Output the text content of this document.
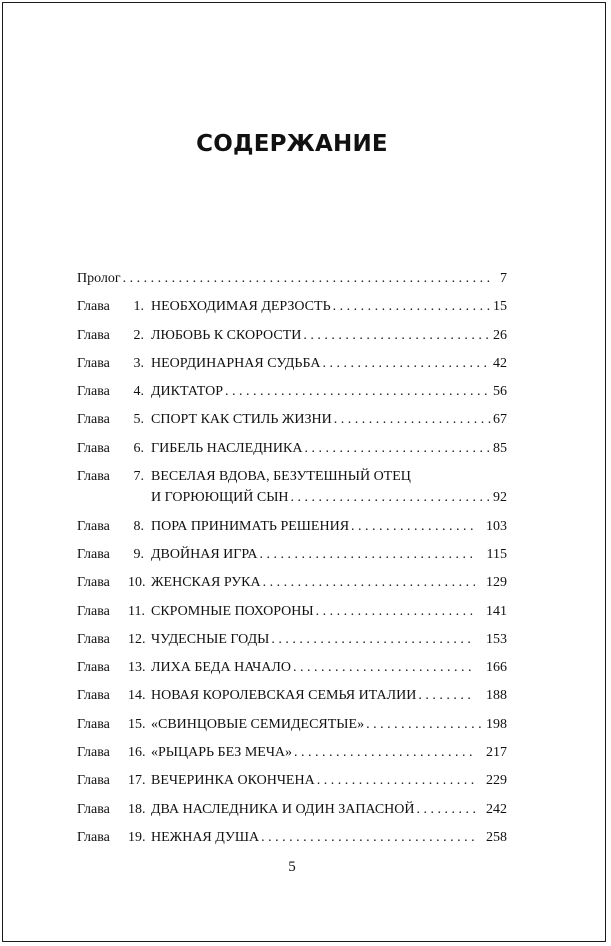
СОДЕРЖАНИЕ
Пролог . . .	7
Глава	1. НЕОБХОДИМАЯ ДЕРЗОСТЬ . . .	15
Глава	2. ЛЮБОВЬ К СКОРОСТИ . . .	26
Глава	3. НЕОРДИНАРНАЯ СУДЬБА . . .	42
Глава	4. ДИКТАТОР . . .	56
Глава	5. СПОРТ КАК СТИЛЬ ЖИЗНИ . . .	67
Глава	6. ГИБЕЛЬ НАСЛЕДНИКА . . .	85
Глава	7. ВЕСЕЛАЯ ВДОВА, БЕЗУТЕШНЫЙ ОТЕЦ
И ГОРЮЮЩИЙ СЫН . . .	92
Глава	8. ПОРА ПРИНИМАТЬ РЕШЕНИЯ . . .	103
Глава	9. ДВОЙНАЯ ИГРА . . .	115
Глава	10. ЖЕНСКАЯ РУКА . . .	129
Глава	11. СКРОМНЫЕ ПОХОРОНЫ . . .	141
Глава	12. ЧУДЕСНЫЕ ГОДЫ . . .	153
Глава	13. ЛИХА БЕДА НАЧАЛО . . .	166
Глава	14. НОВАЯ КОРОЛЕВСКАЯ СЕМЬЯ ИТАЛИИ . . .	188
Глава	15. «СВИНЦОВЫЕ СЕМИДЕСЯТЫЕ» . . .	198
Глава	16. «РЫЦАРЬ БЕЗ МЕЧА» . . .	217
Глава	17. ВЕЧЕРИНКА ОКОНЧЕНА . . .	229
Глава	18. ДВА НАСЛЕДНИКА И ОДИН ЗАПАСНОЙ . . .	242
Глава	19. НЕЖНАЯ ДУША . . .	258
5
